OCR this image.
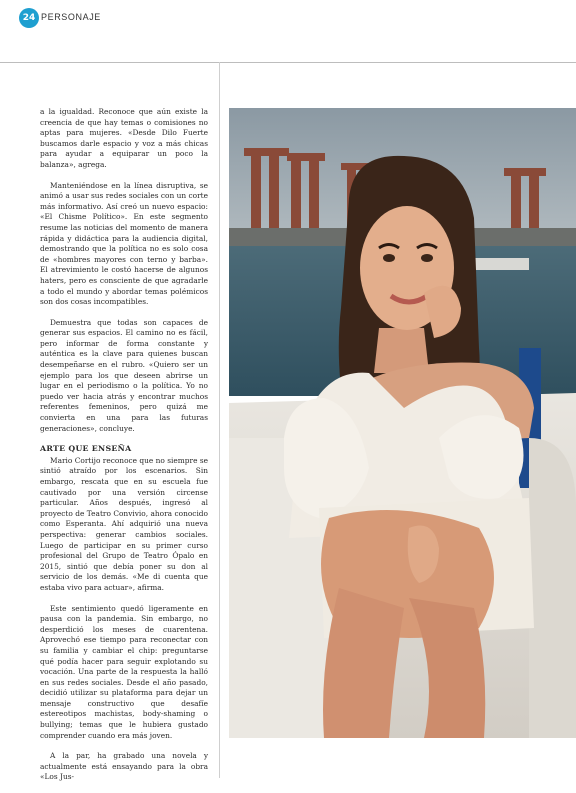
24 PERSONAJE

a la igualdad. Reconoce que aún existe la creencia de que hay temas o comisiones no aptas para mujeres. «Desde Dilo Fuerte buscamos darle espacio y voz a más chicas para ayudar a equiparar un poco la balanza», agrega.

Manteniéndose en la línea disruptiva, se animó a usar sus redes sociales con un corte más informativo. Así creó un nuevo espacio: «El Chisme Político». En este segmento resume las noticias del momento de manera rápida y didáctica para la audiencia digital, demostrando que la política no es solo cosa de «hombres mayores con terno y barba». El atrevimiento le costó hacerse de algunos haters, pero es consciente de que agradarle a todo el mundo y abordar temas polémicos son dos cosas incompatibles.

Demuestra que todas son capaces de generar sus espacios. El camino no es fácil, pero informar de forma constante y auténtica es la clave para quienes buscan desempeñarse en el rubro. «Quiero ser un ejemplo para los que deseen abrirse un lugar en el periodismo o la política. Yo no puedo ver hacia atrás y encontrar muchos referentes femeninos, pero quizá me convierta en una para las futuras generaciones», concluye.

ARTE QUE ENSEÑA

Mario Cortijo reconoce que no siempre se sintió atraído por los escenarios. Sin embargo, rescata que en su escuela fue cautivado por una versión circense particular. Años después, ingresó al proyecto de Teatro Convivio, ahora conocido como Esperanta. Ahí adquirió una nueva perspectiva: generar cambios sociales. Luego de participar en su primer curso profesional del Grupo de Teatro Ópalo en 2015, sintió que debía poner su don al servicio de los demás. «Me di cuenta que estaba vivo para actuar», afirma.

Este sentimiento quedó ligeramente en pausa con la pandemia. Sin embargo, no desperdició los meses de cuarentena. Aprovechó ese tiempo para reconectar con su familia y cambiar el chip: preguntarse qué podía hacer para seguir explotando su vocación. Una parte de la respuesta la halló en sus redes sociales. Desde el año pasado, decidió utilizar su plataforma para dejar un mensaje constructivo que desafíe estereotipos machistas, body-shaming o bullying; temas que le hubiera gustado comprender cuando era más joven.

A la par, ha grabado una novela y actualmente está ensayando para la obra «Los Jus-
